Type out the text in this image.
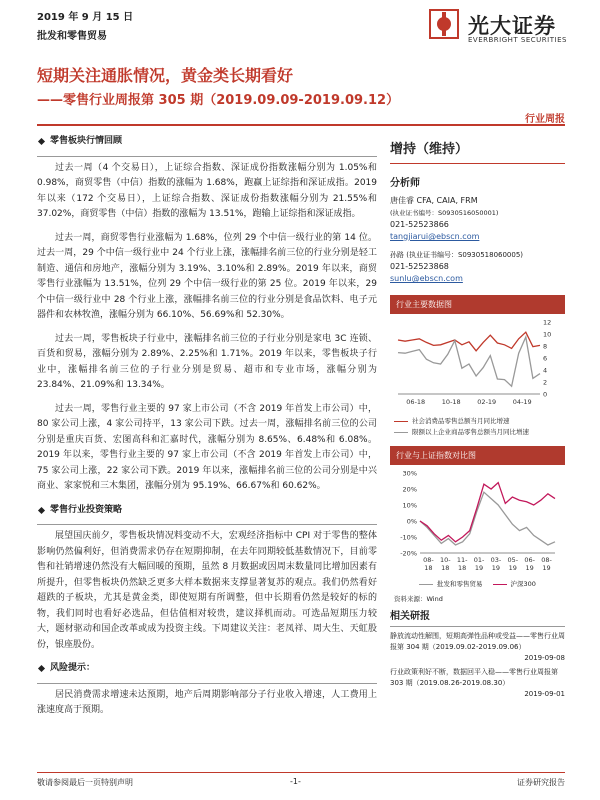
2019 年 9 月 15 日
批发和零售贸易	光大证券
EVERBRIGHT SECURITIES
短期关注通胀情况，黄金类长期看好
——零售行业周报第 305 期（2019.09.09-2019.09.12）
行业周报
零售板块行情回顾

过去一周（4 个交易日），上证综合指数、深证成份指数涨幅分别为 1.05%和 0.98%，商贸零售（中信）指数的涨幅为 1.68%，跑赢上证综指和深证成指。2019 年以来（172 个交易日），上证综合指数、深证成份指数涨幅分别为 21.55%和 37.02%，商贸零售（中信）指数的涨幅为 13.51%，跑输上证综指和深证成指。

过去一周，商贸零售行业涨幅为 1.68%，位列 29 个中信一级行业的第 14 位。过去一周，29 个中信一级行业中 24 个行业上涨，涨幅排名前三位的行业分别是轻工制造、通信和房地产，涨幅分别为 3.19%、3.10%和 2.89%。2019 年以来，商贸零售行业涨幅为 13.51%，位列 29 个中信一级行业的第 25 位。2019 年以来，29 个中信一级行业中 28 个行业上涨，涨幅排名前三位的行业分别是食品饮料、电子元器件和农林牧渔，涨幅分别为 66.10%、56.69%和 52.30%。

过去一周，零售板块子行业中，涨幅排名前三位的子行业分别是家电 3C 连锁、百货和贸易，涨幅分别为 2.89%、2.25%和 1.71%。2019 年以来，零售板块子行业中，涨幅排名前三位的子行业分别是贸易、超市和专业市场，涨幅分别为 23.84%、21.09%和 13.34%。

过去一周，零售行业主要的 97 家上市公司（不含 2019 年首发上市公司）中，80 家公司上涨，4 家公司持平，13 家公司下跌。过去一周，涨幅排名前三位的公司分别是重庆百货、宏图高科和汇嘉时代，涨幅分别为 8.65%、6.48%和 6.08%。2019 年以来，零售行业主要的 97 家上市公司（不含 2019 年首发上市公司）中，75 家公司上涨，22 家公司下跌。2019 年以来，涨幅排名前三位的公司分别是中兴商业、家家悦和三木集团，涨幅分别为 95.19%、66.67%和 60.62%。

零售行业投资策略

展望国庆前夕，零售板块情况料变动不大，宏观经济指标中 CPI 对于零售的整体影响仍然偏利好，但消费需求仍存在短期抑制，在去年同期较低基数情况下，目前零售和社销增速仍然没有大幅回暖的预期，虽然 8 月数据或因周末数量同比增加因素有所提升，但零售板块仍然缺乏更多大样本数据来支撑显著复苏的观点。我们仍然看好超跌的子板块，尤其是黄金类，即使短期有所调整，但中长期看仍然是较好的标的物，我们同时也看好必选品，但估值相对较贵，建议择机而动。可选品短期压力较大，题材驱动和国企改革或成为投资主线。下周建议关注：老凤祥、周大生、天虹股份，银座股份。

风险提示：

居民消费需求增速未达预期，地产后周期影响部分子行业收入增速，人工费用上涨速度高于预期。

增持（维持）
分析师
唐佳睿 CFA, CAIA, FRM
(执业证书编号：S0930516050001)
021-52523866
tangjiarui@ebscn.com
孙路 (执业证书编号：S0930518060005)
021-52523868
sunlu@ebscn.com
行业主要数据图
0
2
4
6
8
10
12
06-18	10-18	02-19	04-19
社会消费品零售总额当月同比增速
限额以上企业商品零售总额当月同比增速
行业与上证指数对比图
-20%
-10%
0%
10%
20%
30%
08-
18
10-
18
11-
18
01-
19
03-
19
05-
19
06-
19
08-
19
批发和零售贸易	沪深300
资料来源：Wind
相关研报
静放流动性解围，短期高弹性品种或受益——零售行业周报第 304 期（2019.09.02-2019.09.06）
2019-09-08
行业政策利好不断，数据回平入稳——零售行业周报第 303 期（2019.08.26-2019.08.30）
2019-09-01
敬请参阅最后一页特别声明	-1-	证券研究报告
